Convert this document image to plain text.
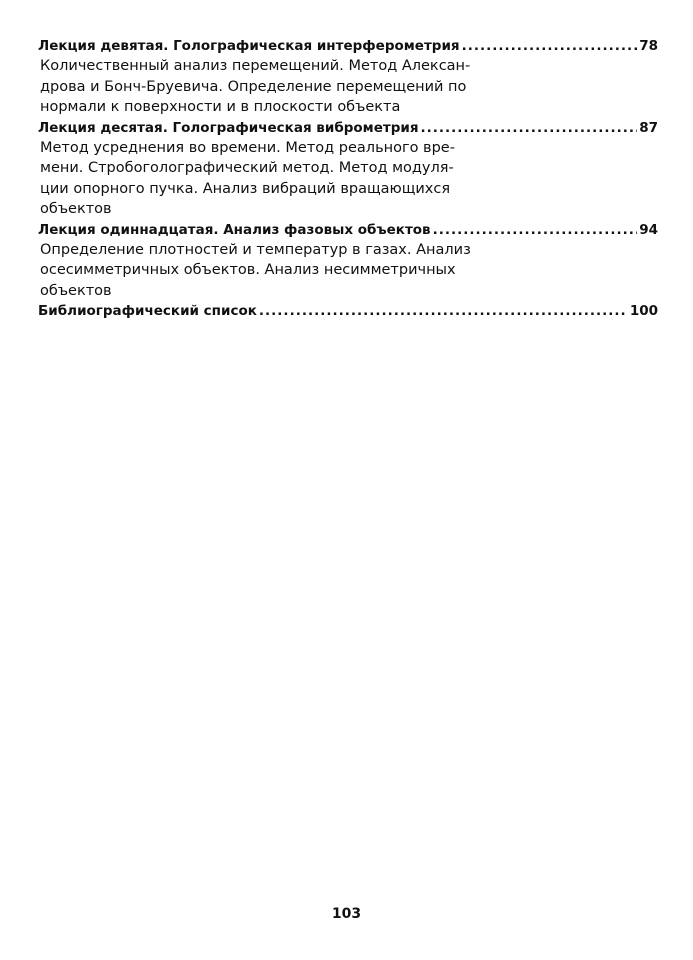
Лекция девятая. Голографическая интерферометрия .....	78
Количественный анализ перемещений. Метод Алексан-
дрова и Бонч-Бруевича. Определение перемещений по
нормали к поверхности и в плоскости объекта
Лекция десятая. Голографическая виброметрия .....	87
Метод усреднения во времени. Метод реального вре-
мени. Стробоголографический метод. Метод модуля-
ции опорного пучка. Анализ вибраций вращающихся
объектов
Лекция одиннадцатая. Анализ фазовых объектов .....	94
Определение плотностей и температур в газах. Анализ
осесимметричных объектов. Анализ несимметричных
объектов
Библиографический список .....	100
103
